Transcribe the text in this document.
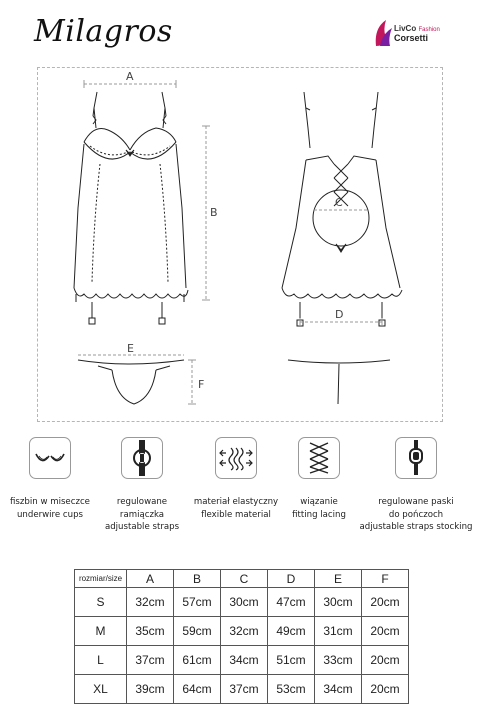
Milagros	LivCo Fashion
Corsetti
A
B
C
D
E
F
fiszbin w miseczce
underwire cups
regulowane
ramiączka
adjustable straps
materiał elastyczny
flexible material
wiązanie
fitting lacing
regulowane paski
do pończoch
adjustable straps stocking
rozmiar/size	A	B	C	D	E	F
S	32cm	57cm	30cm	47cm	30cm	20cm
M	35cm	59cm	32cm	49cm	31cm	20cm
L	37cm	61cm	34cm	51cm	33cm	20cm
XL	39cm	64cm	37cm	53cm	34cm	20cm
